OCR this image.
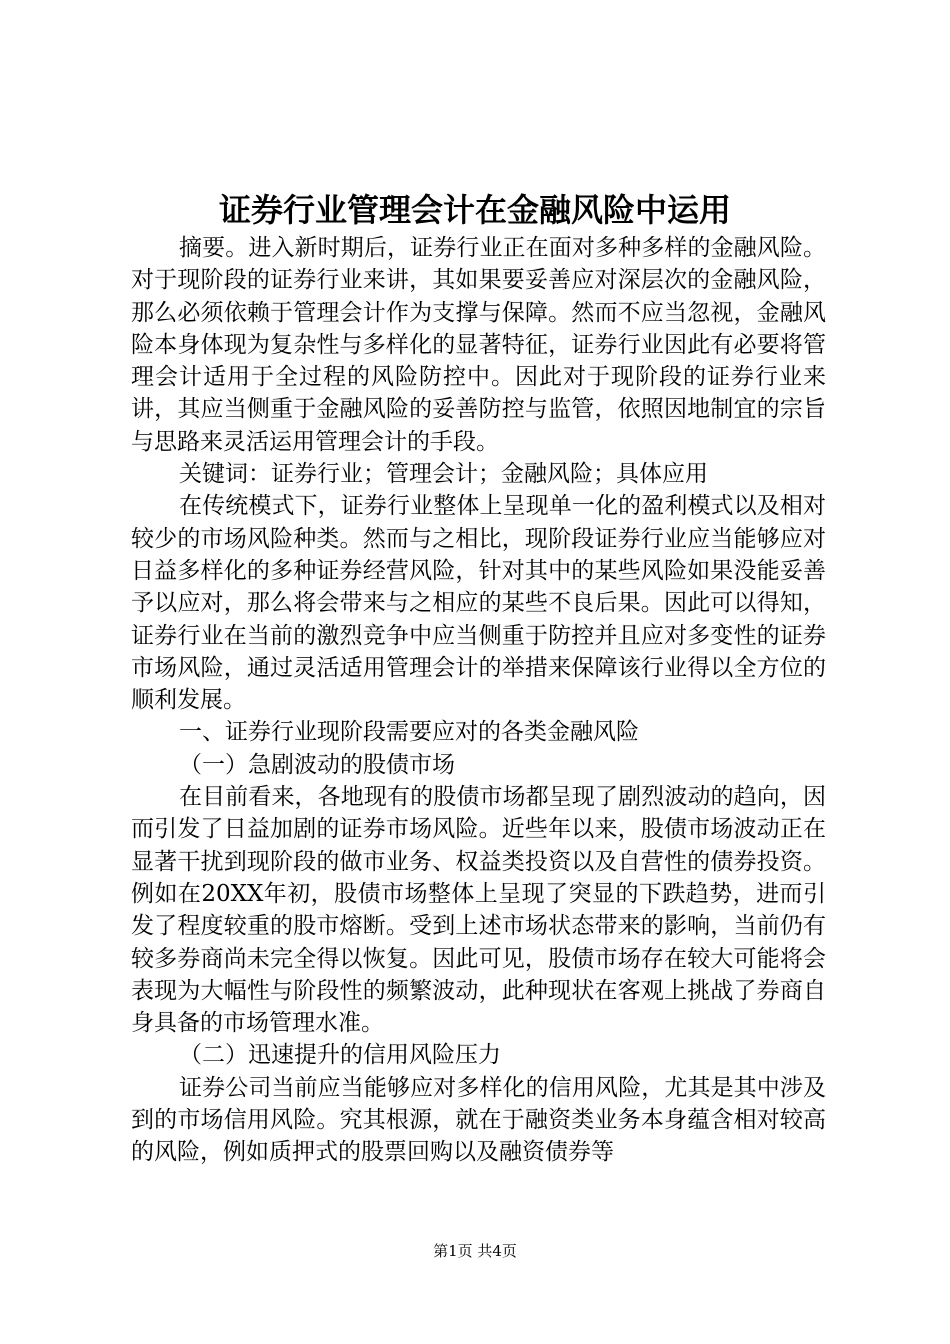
证券行业管理会计在金融风险中运用

摘要。进入新时期后，证券行业正在面对多种多样的金融风险。对于现阶段的证券行业来讲，其如果要妥善应对深层次的金融风险，那么必须依赖于管理会计作为支撑与保障。然而不应当忽视，金融风险本身体现为复杂性与多样化的显著特征，证券行业因此有必要将管理会计适用于全过程的风险防控中。因此对于现阶段的证券行业来讲，其应当侧重于金融风险的妥善防控与监管，依照因地制宜的宗旨与思路来灵活运用管理会计的手段。

关键词：证券行业；管理会计；金融风险；具体应用

在传统模式下，证券行业整体上呈现单一化的盈利模式以及相对较少的市场风险种类。然而与之相比，现阶段证券行业应当能够应对日益多样化的多种证券经营风险，针对其中的某些风险如果没能妥善予以应对，那么将会带来与之相应的某些不良后果。因此可以得知，证券行业在当前的激烈竞争中应当侧重于防控并且应对多变性的证券市场风险，通过灵活适用管理会计的举措来保障该行业得以全方位的顺利发展。

一、证券行业现阶段需要应对的各类金融风险

（一）急剧波动的股债市场

在目前看来，各地现有的股债市场都呈现了剧烈波动的趋向，因而引发了日益加剧的证券市场风险。近些年以来，股债市场波动正在显著干扰到现阶段的做市业务、权益类投资以及自营性的债券投资。例如在20XX年初，股债市场整体上呈现了突显的下跌趋势，进而引发了程度较重的股市熔断。受到上述市场状态带来的影响，当前仍有较多券商尚未完全得以恢复。因此可见，股债市场存在较大可能将会表现为大幅性与阶段性的频繁波动，此种现状在客观上挑战了券商自身具备的市场管理水准。

（二）迅速提升的信用风险压力

证券公司当前应当能够应对多样化的信用风险，尤其是其中涉及到的市场信用风险。究其根源，就在于融资类业务本身蕴含相对较高的风险，例如质押式的股票回购以及融资债券等

第1页 共4页
